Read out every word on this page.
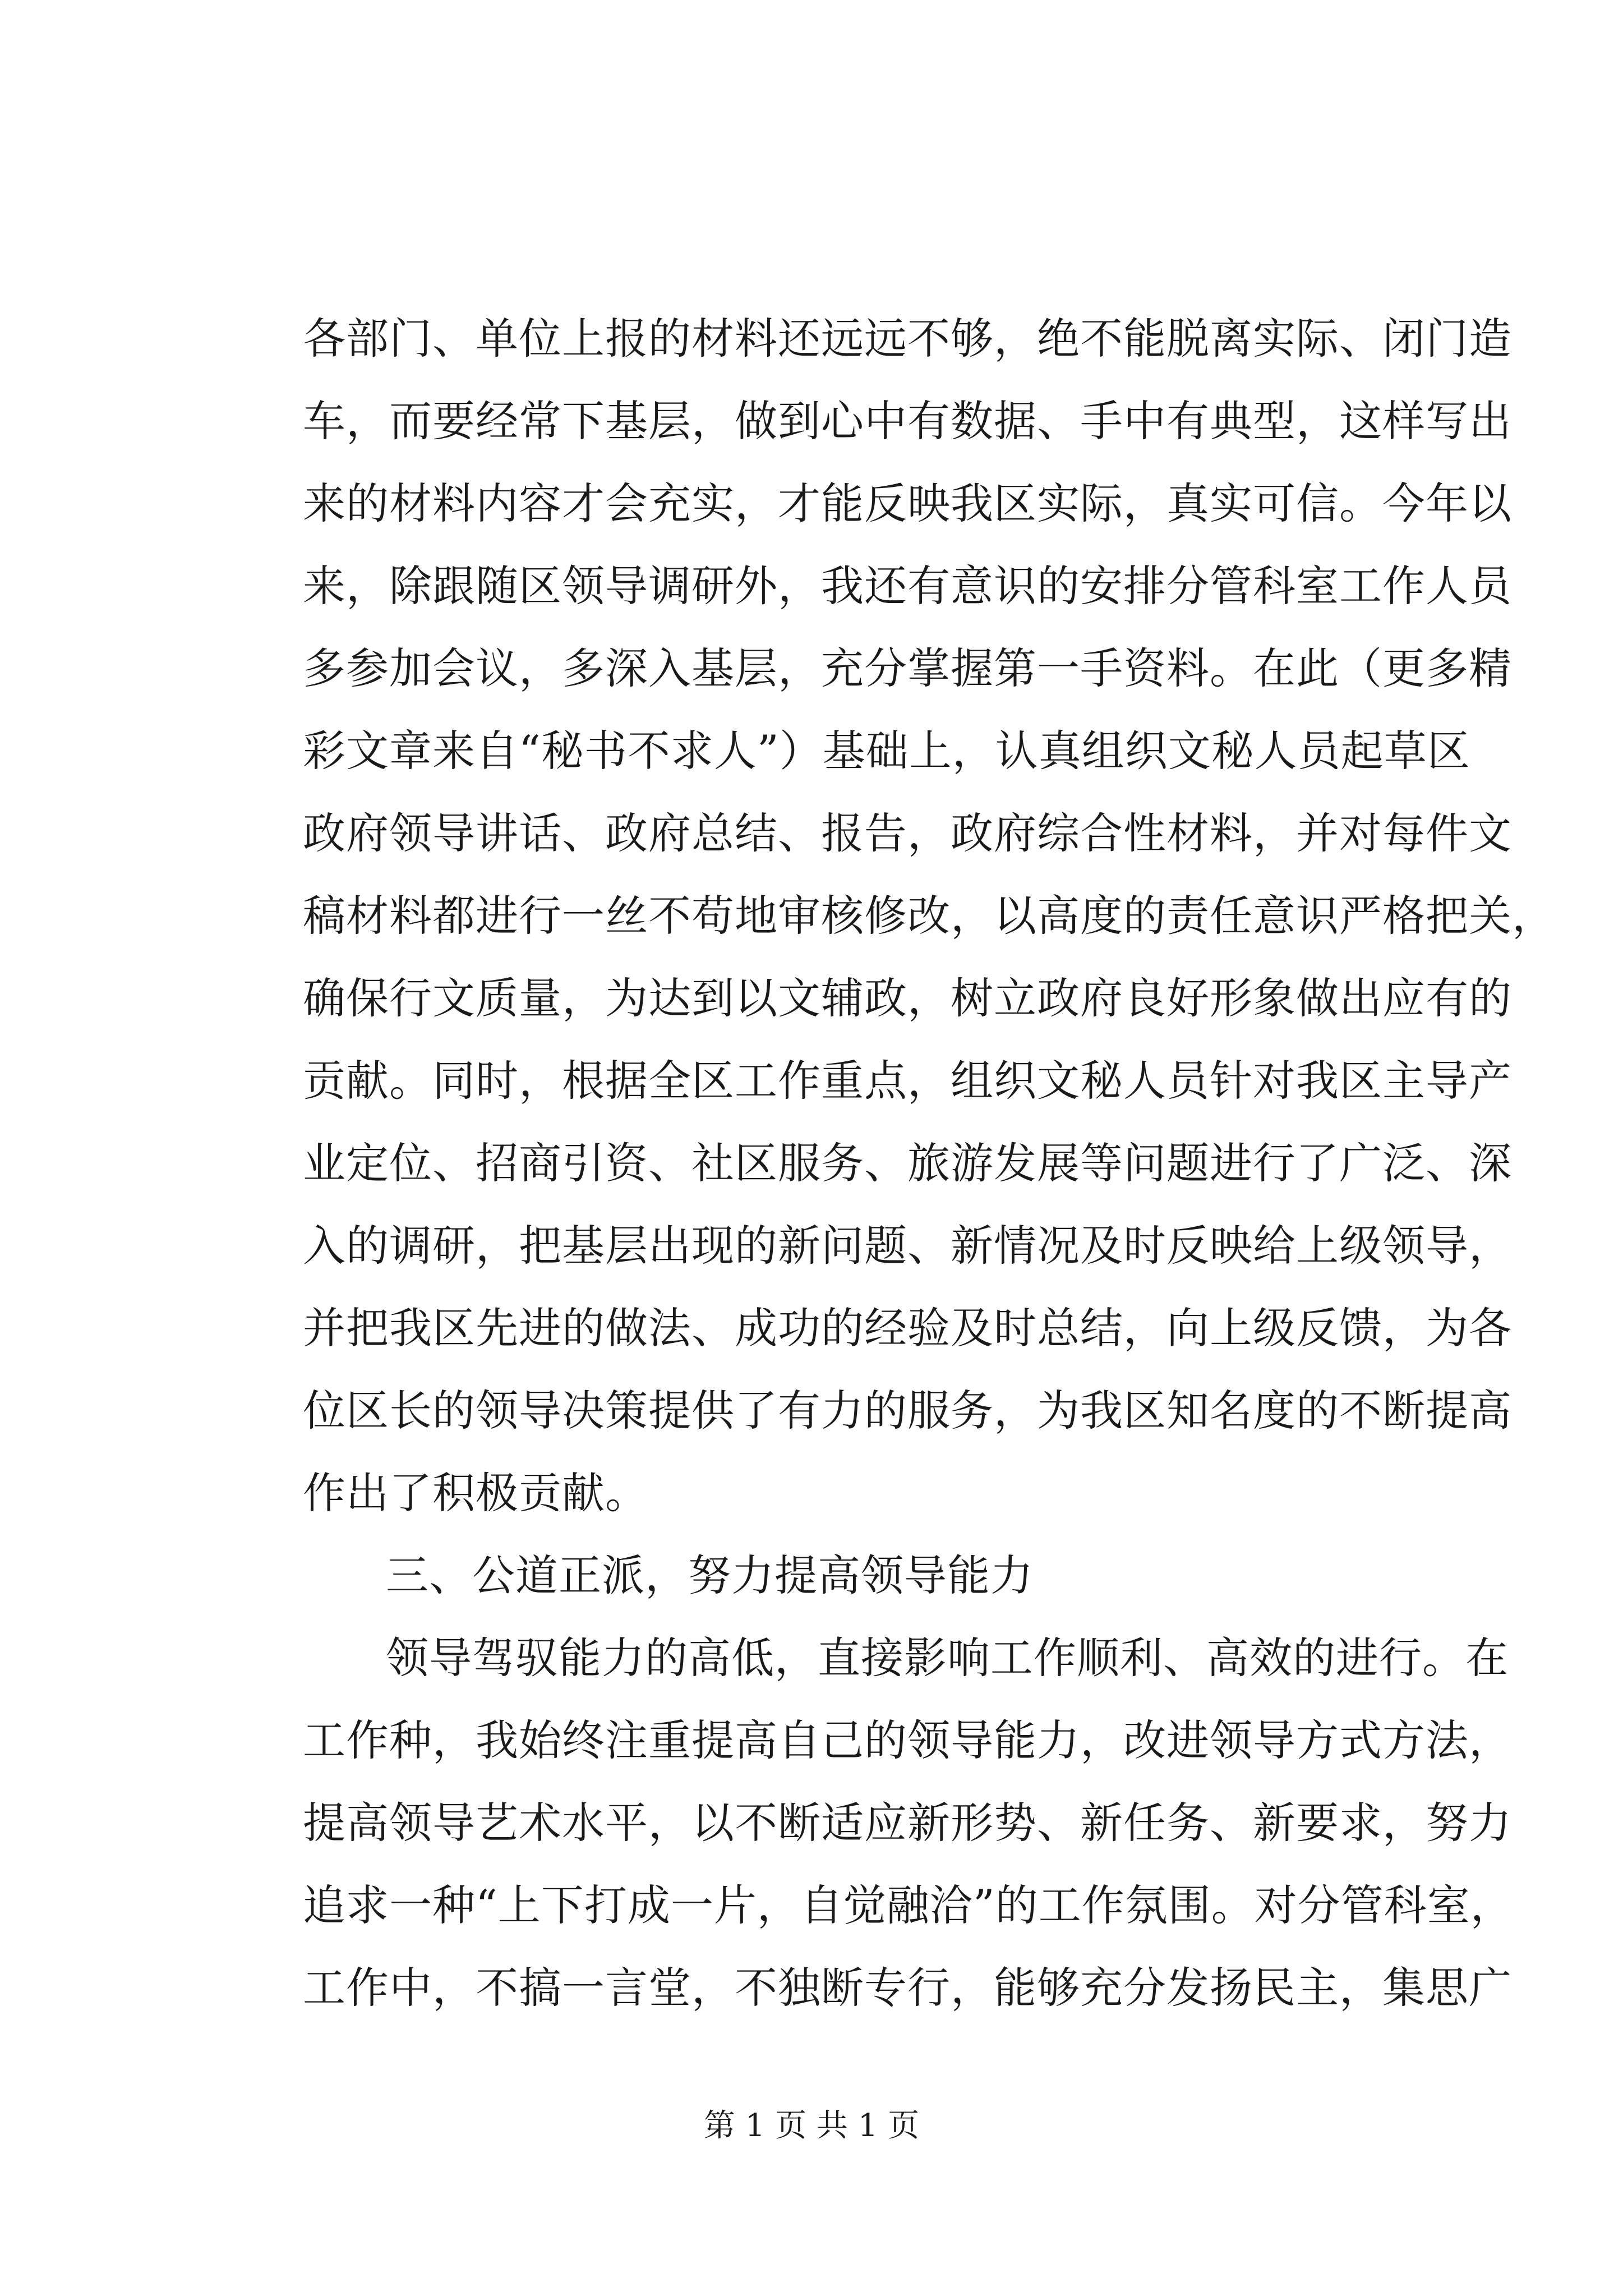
各部门、单位上报的材料还远远不够，绝不能脱离实际、闭门造
车，而要经常下基层，做到心中有数据、手中有典型，这样写出
来的材料内容才会充实，才能反映我区实际，真实可信。今年以
来，除跟随区领导调研外，我还有意识的安排分管科室工作人员
多参加会议，多深入基层，充分掌握第一手资料。在此（更多精
彩文章来自“秘书不求人”）基础上，认真组织文秘人员起草区
政府领导讲话、政府总结、报告，政府综合性材料，并对每件文
稿材料都进行一丝不苟地审核修改，以高度的责任意识严格把关，
确保行文质量，为达到以文辅政，树立政府良好形象做出应有的
贡献。同时，根据全区工作重点，组织文秘人员针对我区主导产
业定位、招商引资、社区服务、旅游发展等问题进行了广泛、深
入的调研，把基层出现的新问题、新情况及时反映给上级领导，
并把我区先进的做法、成功的经验及时总结，向上级反馈，为各
位区长的领导决策提供了有力的服务，为我区知名度的不断提高
作出了积极贡献。
三、公道正派，努力提高领导能力
领导驾驭能力的高低，直接影响工作顺利、高效的进行。在
工作种，我始终注重提高自己的领导能力，改进领导方式方法，
提高领导艺术水平，以不断适应新形势、新任务、新要求，努力
追求一种“上下打成一片，自觉融洽”的工作氛围。对分管科室，
工作中，不搞一言堂，不独断专行，能够充分发扬民主，集思广
第 1 页 共 1 页
